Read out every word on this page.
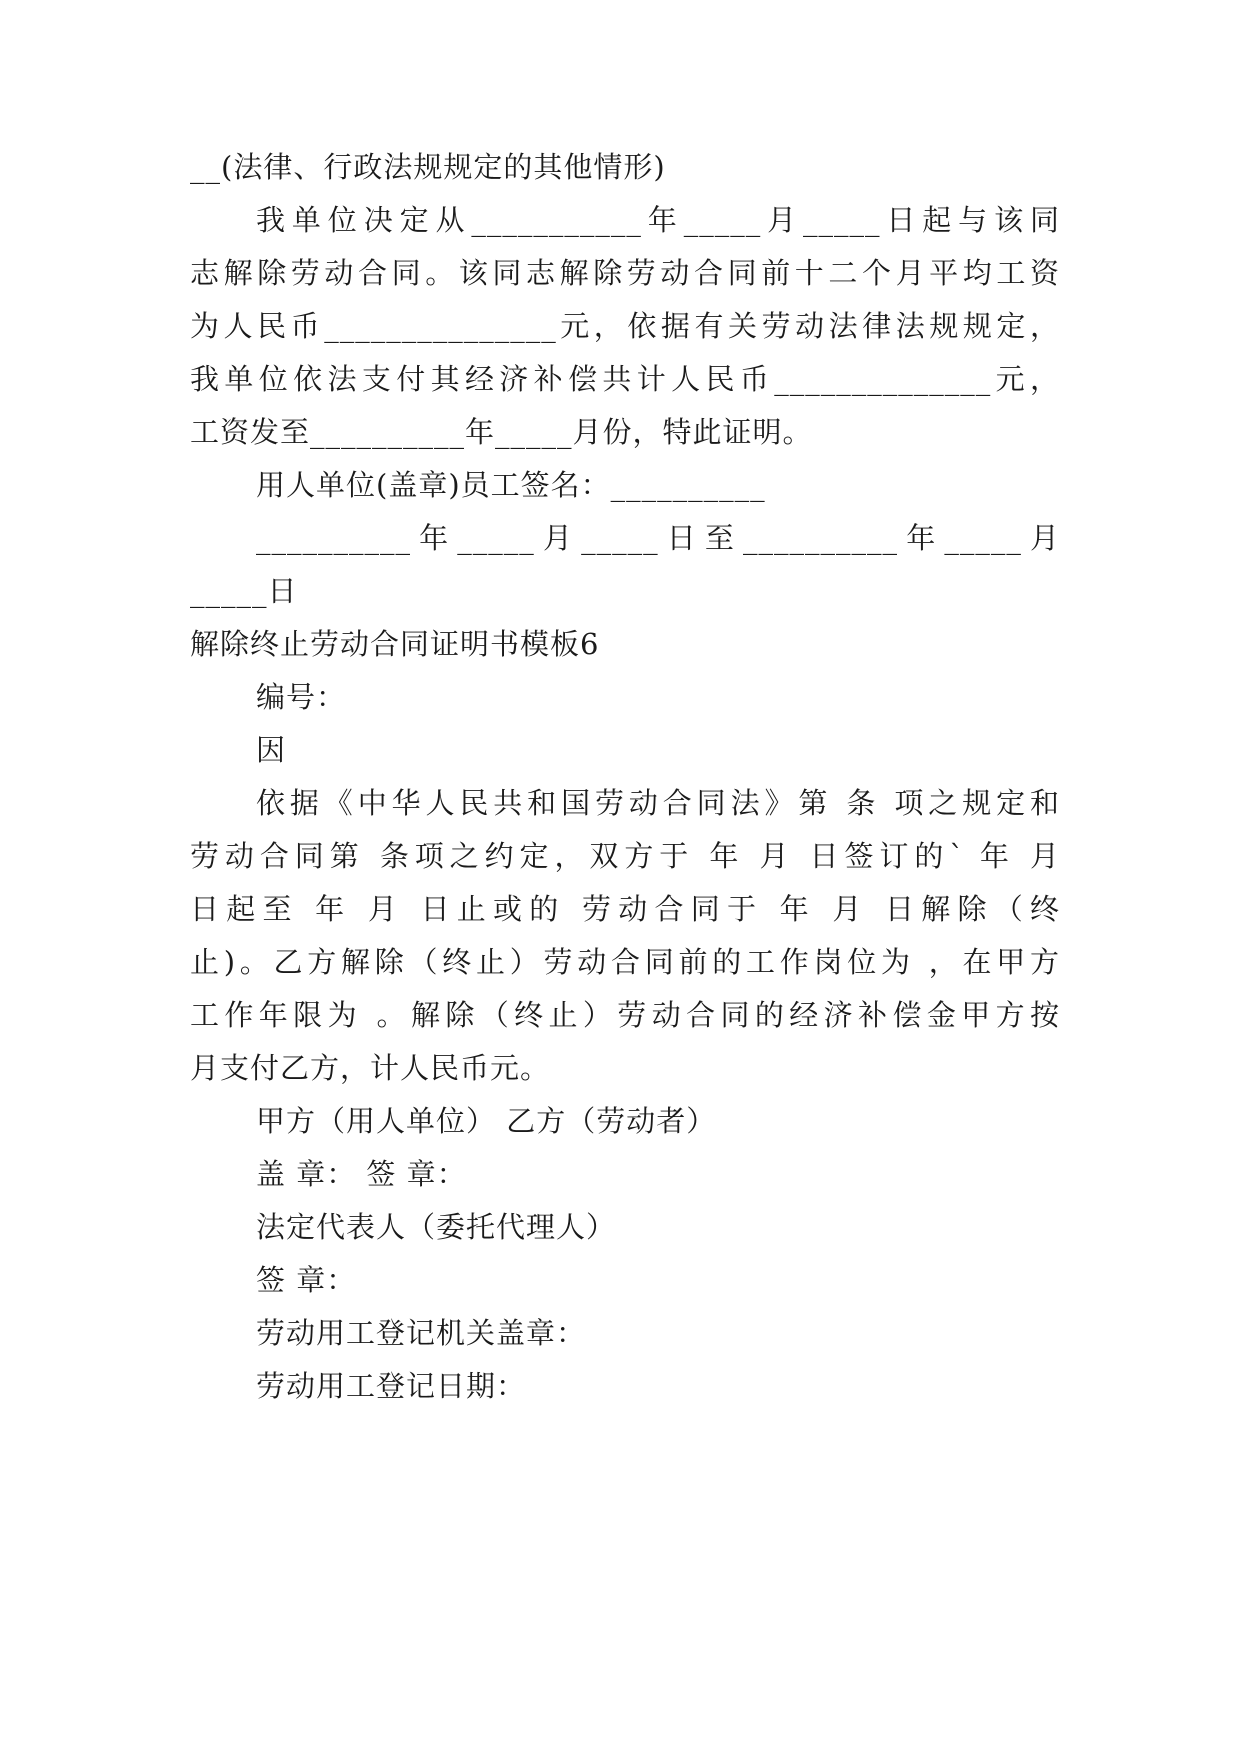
__(法律、行政法规规定的其他情形)
我单位决定从___________年_____月_____日起与该同
志解除劳动合同。该同志解除劳动合同前十二个月平均工资
为人民币_______________元，依据有关劳动法律法规规定，
我单位依法支付其经济补偿共计人民币______________元，
工资发至__________年_____月份，特此证明。
用人单位(盖章)员工签名：__________
__________年_____月_____日至__________年_____月
_____日
解除终止劳动合同证明书模板6
编号：
因
依据《中华人民共和国劳动合同法》第 条 项之规定和
劳动合同第 条项之约定，双方于 年 月 日签订的` 年 月
日起至 年 月 日止或的 劳动合同于 年 月 日解除（终
止)。乙方解除（终止）劳动合同前的工作岗位为 ，在甲方
工作年限为 。解除（终止）劳动合同的经济补偿金甲方按
月支付乙方，计人民币元。
甲方（用人单位） 乙方（劳动者）
盖 章： 签 章：
法定代表人（委托代理人）
签 章：
劳动用工登记机关盖章：
劳动用工登记日期：
